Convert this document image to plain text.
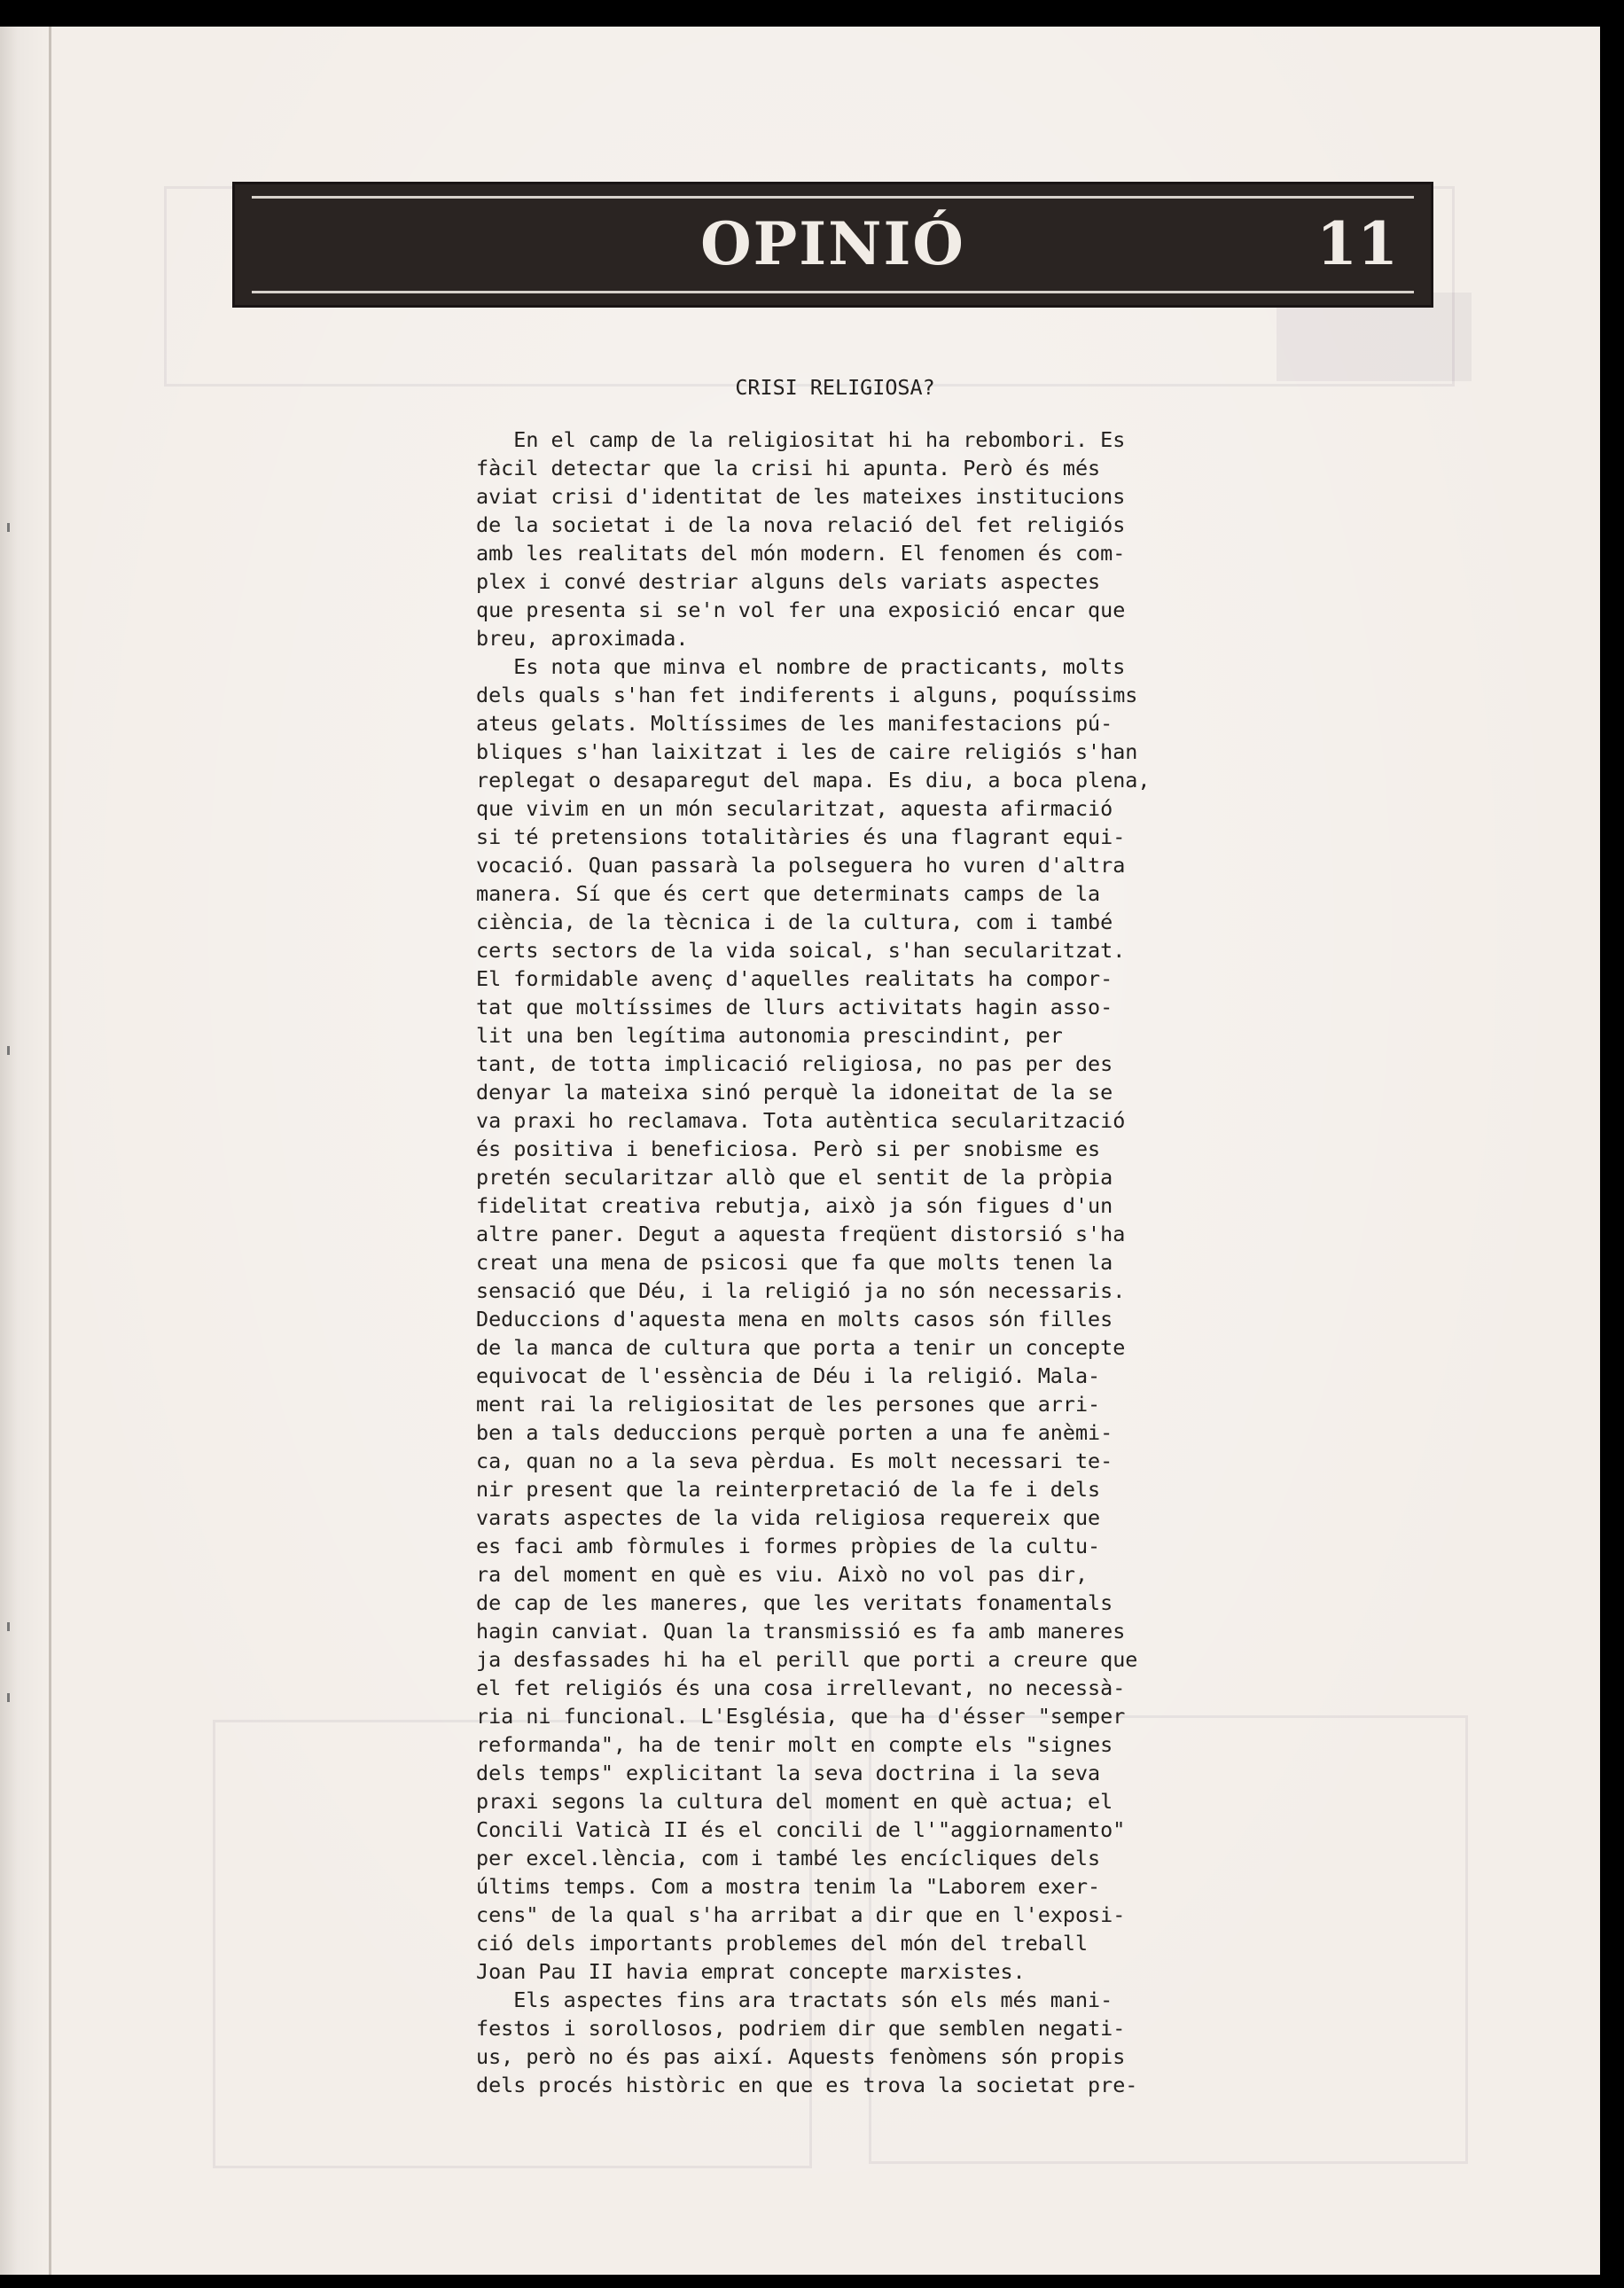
OPINIÓ	11
CRISI RELIGIOSA?
En el camp de la religiositat hi ha rebombori. Es
fàcil detectar que la crisi hi apunta. Però és més
aviat crisi d'identitat de les mateixes institucions
de la societat i de la nova relació del fet religiós
amb les realitats del món modern. El fenomen és com-
plex i convé destriar alguns dels variats aspectes
que presenta si se'n vol fer una exposició encar que
breu, aproximada.
Es nota que minva el nombre de practicants, molts
dels quals s'han fet indiferents i alguns, poquíssims
ateus gelats. Moltíssimes de les manifestacions pú-
bliques s'han laixitzat i les de caire religiós s'han
replegat o desaparegut del mapa. Es diu, a boca plena,
que vivim en un món secularitzat, aquesta afirmació
si té pretensions totalitàries és una flagrant equi-
vocació. Quan passarà la polseguera ho vuren d'altra
manera. Sí que és cert que determinats camps de la
ciència, de la tècnica i de la cultura, com i també
certs sectors de la vida soical, s'han secularitzat.
El formidable avenç d'aquelles realitats ha compor-
tat que moltíssimes de llurs activitats hagin asso-
lit una ben legítima autonomia prescindint, per
tant, de totta implicació religiosa, no pas per des
denyar la mateixa sinó perquè la idoneitat de la se
va praxi ho reclamava. Tota autèntica secularització
és positiva i beneficiosa. Però si per snobisme es
pretén secularitzar allò que el sentit de la pròpia
fidelitat creativa rebutja, això ja són figues d'un
altre paner. Degut a aquesta freqüent distorsió s'ha
creat una mena de psicosi que fa que molts tenen la
sensació que Déu, i la religió ja no són necessaris.
Deduccions d'aquesta mena en molts casos són filles
de la manca de cultura que porta a tenir un concepte
equivocat de l'essència de Déu i la religió. Mala-
ment rai la religiositat de les persones que arri-
ben a tals deduccions perquè porten a una fe anèmi-
ca, quan no a la seva pèrdua. Es molt necessari te-
nir present que la reinterpretació de la fe i dels
varats aspectes de la vida religiosa requereix que
es faci amb fòrmules i formes pròpies de la cultu-
ra del moment en què es viu. Això no vol pas dir,
de cap de les maneres, que les veritats fonamentals
hagin canviat. Quan la transmissió es fa amb maneres
ja desfassades hi ha el perill que porti a creure que
el fet religiós és una cosa irrellevant, no necessà-
ria ni funcional. L'Església, que ha d'ésser "semper
reformanda", ha de tenir molt en compte els "signes
dels temps" explicitant la seva doctrina i la seva
praxi segons la cultura del moment en què actua; el
Concili Vaticà II és el concili de l'"aggiornamento"
per excel.lència, com i també les encícliques dels
últims temps. Com a mostra tenim la "Laborem exer-
cens" de la qual s'ha arribat a dir que en l'exposi-
ció dels importants problemes del món del treball
Joan Pau II havia emprat concepte marxistes.
Els aspectes fins ara tractats són els més mani-
festos i sorollosos, podriem dir que semblen negati-
us, però no és pas així. Aquests fenòmens són propis
dels procés històric en que es trova la societat pre-
